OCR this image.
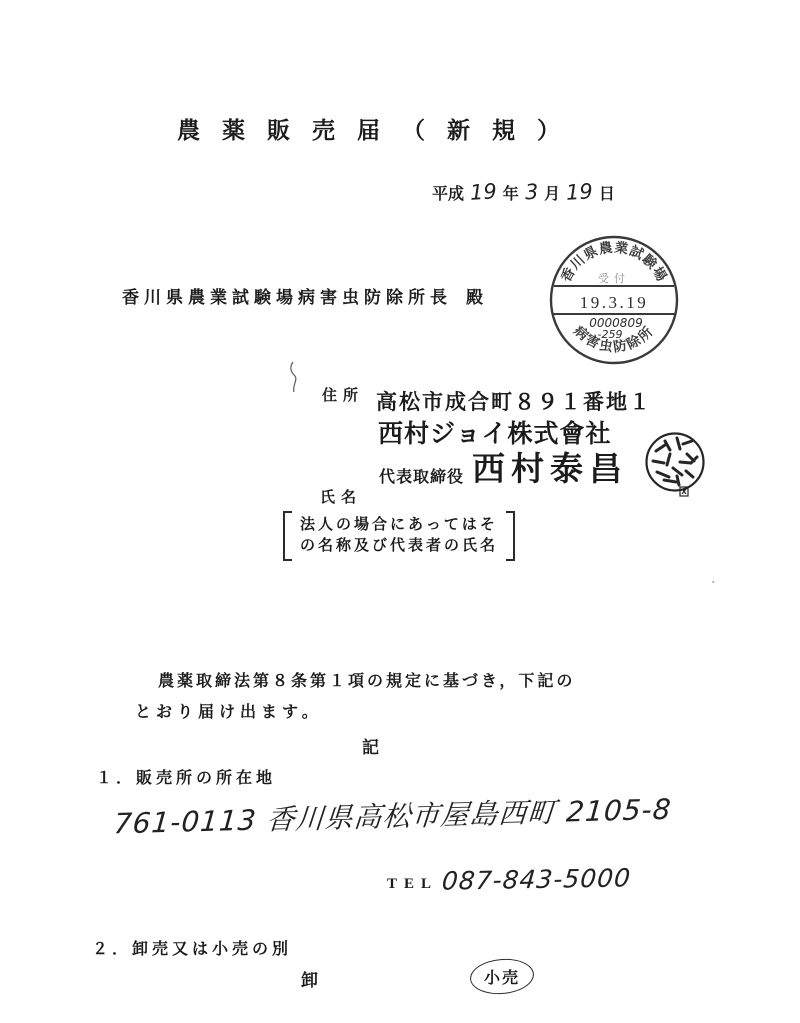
農薬販売届（新規）
平成 19 年 3 月 19 日
香川県農業試験場病害虫防除所長 殿
香川県農業試験場
受付
19.3.19
0000809
-259
病害虫防除所
住所 高松市成合町８９１番地１
西村ジョイ株式會社
代表取締役 西村泰昌
氏名
法人の場合にあってはそ
の名称及び代表者の氏名
▪
農薬取締法第８条第１項の規定に基づき，下記の
とおり届け出ます。
記
１．販売所の所在地
761-0113 香川県高松市屋島西町 2105-8
TEL 087-843-5000
２．卸売又は小売の別
卸	小売
